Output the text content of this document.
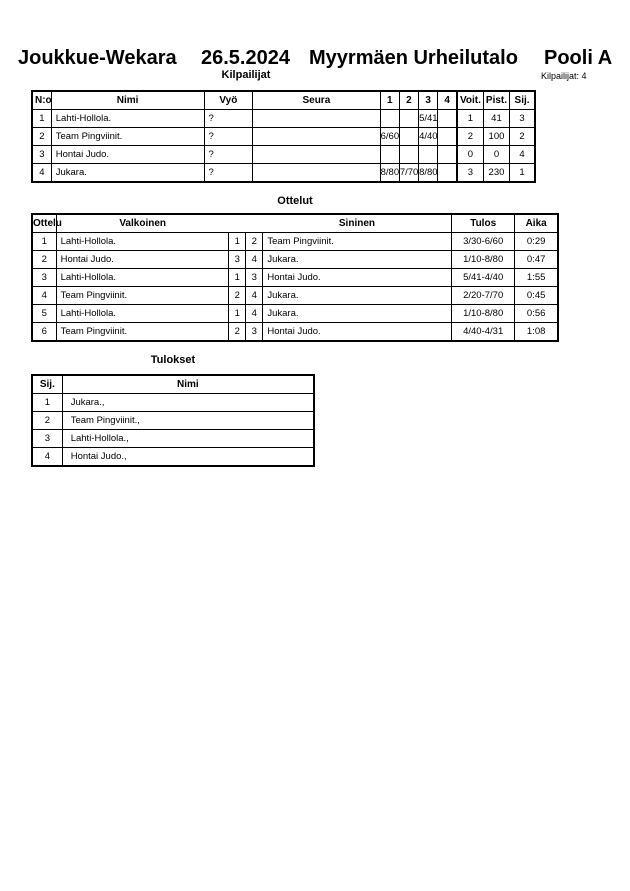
Joukkue-Wekara 26.5.2024 Myyrmäen Urheilutalo Pooli A
Kilpailijat	Kilpailijat: 4
N:o	Nimi	Vyö	Seura	1	2	3	4	Voit.	Pist.	Sij.
1	Lahti-Hollola.	?				5/41		1	41	3
2	Team Pingviinit.	?		6/60		4/40		2	100	2
3	Hontai Judo.	?						0	0	4
4	Jukara.	?		8/80	7/70	8/80		3	230	1
Ottelut
Ottelu	Valkoinen			Sininen	Tulos	Aika
1	Lahti-Hollola.	1	2	Team Pingviinit.	3/30-6/60	0:29
2	Hontai Judo.	3	4	Jukara.	1/10-8/80	0:47
3	Lahti-Hollola.	1	3	Hontai Judo.	5/41-4/40	1:55
4	Team Pingviinit.	2	4	Jukara.	2/20-7/70	0:45
5	Lahti-Hollola.	1	4	Jukara.	1/10-8/80	0:56
6	Team Pingviinit.	2	3	Hontai Judo.	4/40-4/31	1:08
Tulokset
Sij.	Nimi
1	Jukara.,
2	Team Pingviinit.,
3	Lahti-Hollola.,
4	Hontai Judo.,
